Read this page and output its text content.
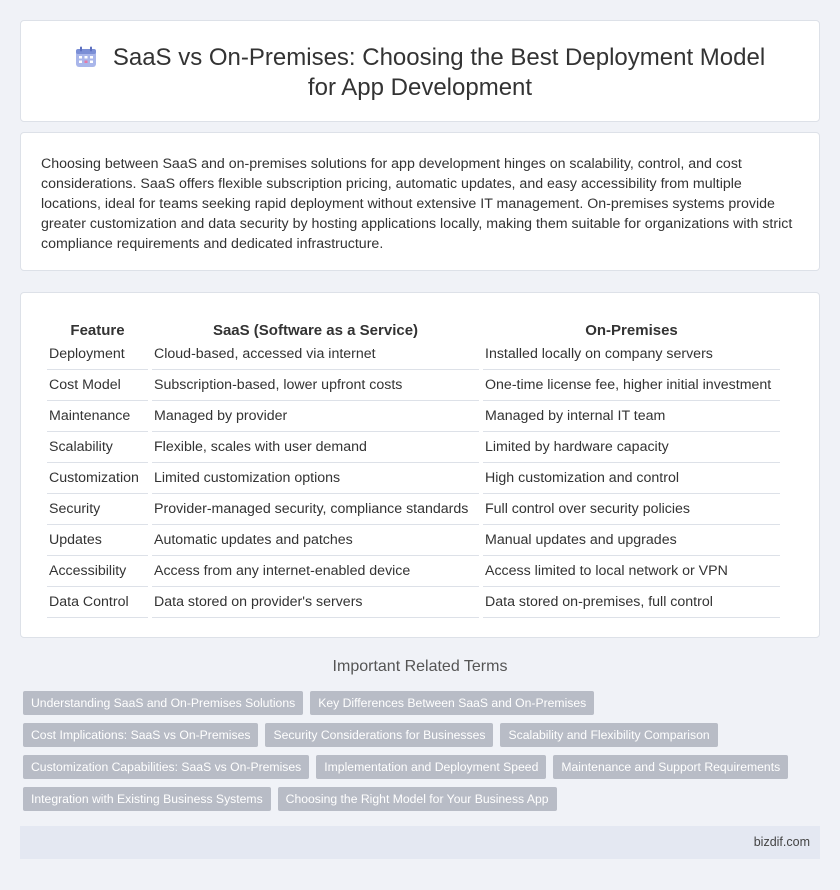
SaaS vs On-Premises: Choosing the Best Deployment Model for App Development

Choosing between SaaS and on-premises solutions for app development hinges on scalability, control, and cost considerations. SaaS offers flexible subscription pricing, automatic updates, and easy accessibility from multiple locations, ideal for teams seeking rapid deployment without extensive IT management. On-premises systems provide greater customization and data security by hosting applications locally, making them suitable for organizations with strict compliance requirements and dedicated infrastructure.

Feature	SaaS (Software as a Service)	On-Premises
Deployment	Cloud-based, accessed via internet	Installed locally on company servers
Cost Model	Subscription-based, lower upfront costs	One-time license fee, higher initial investment
Maintenance	Managed by provider	Managed by internal IT team
Scalability	Flexible, scales with user demand	Limited by hardware capacity
Customization	Limited customization options	High customization and control
Security	Provider-managed security, compliance standards	Full control over security policies
Updates	Automatic updates and patches	Manual updates and upgrades
Accessibility	Access from any internet-enabled device	Access limited to local network or VPN
Data Control	Data stored on provider's servers	Data stored on-premises, full control
Important Related Terms
Understanding SaaS and On-Premises Solutions	Key Differences Between SaaS and On-Premises
Cost Implications: SaaS vs On-Premises	Security Considerations for Businesses	Scalability and Flexibility Comparison
Customization Capabilities: SaaS vs On-Premises	Implementation and Deployment Speed	Maintenance and Support Requirements
Integration with Existing Business Systems	Choosing the Right Model for Your Business App
bizdif.com
